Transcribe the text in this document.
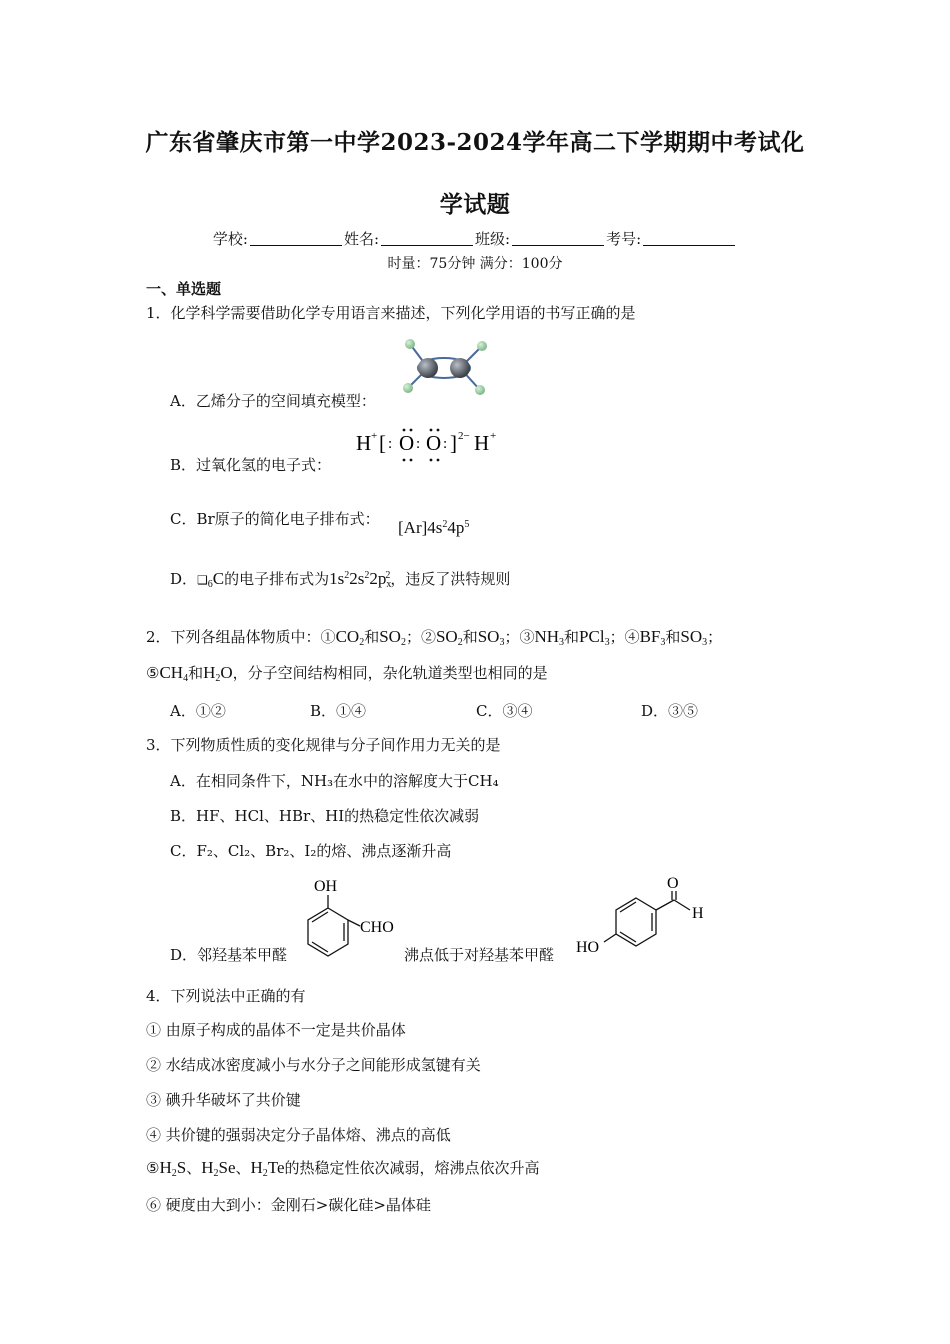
广东省肇庆市第一中学2023-2024学年高二下学期期中考试化
学试题
学校:	姓名:	班级:	考号:
时量：75分钟 满分：100分
一、单选题
1．化学科学需要借助化学专用语言来描述，下列化学用语的书写正确的是
A．乙烯分子的空间填充模型：
H + [ : O : O : ] 2− H +
B．过氧化氢的电子式：
C．Br原子的简化电子排布式： $[Ar]4s^24p^5$
D．$❑_6C$的电子排布式为$1s^22s^22p_x^2$，违反了洪特规则
2．下列各组晶体物质中：$①CO_2$和$SO_2$；$②SO_2$和$SO_3$；$③NH_3$和PCl$_3$；$④BF_3$和$SO_3$；
$⑤CH_4$和$H_2O$，分子空间结构相同，杂化轨道类型也相同的是
A．①②	B．①④	C．③④	D．③⑤
3．下列物质性质的变化规律与分子间作用力无关的是
A．在相同条件下，NH₃在水中的溶解度大于CH₄
B．HF、HCl、HBr、HI的热稳定性依次减弱
C．F₂、Cl₂、Br₂、I₂的熔、沸点逐渐升高
OH
CHO
O
H
HO
D．邻羟基苯甲醛	沸点低于对羟基苯甲醛
4．下列说法中正确的有
① 由原子构成的晶体不一定是共价晶体
② 水结成冰密度减小与水分子之间能形成氢键有关
③ 碘升华破坏了共价键
④ 共价键的强弱决定分子晶体熔、沸点的高低
$⑤H_2S$、$H_2Se$、$H_2Te$的热稳定性依次减弱，熔沸点依次升高
⑥ 硬度由大到小：金刚石>碳化硅>晶体硅
